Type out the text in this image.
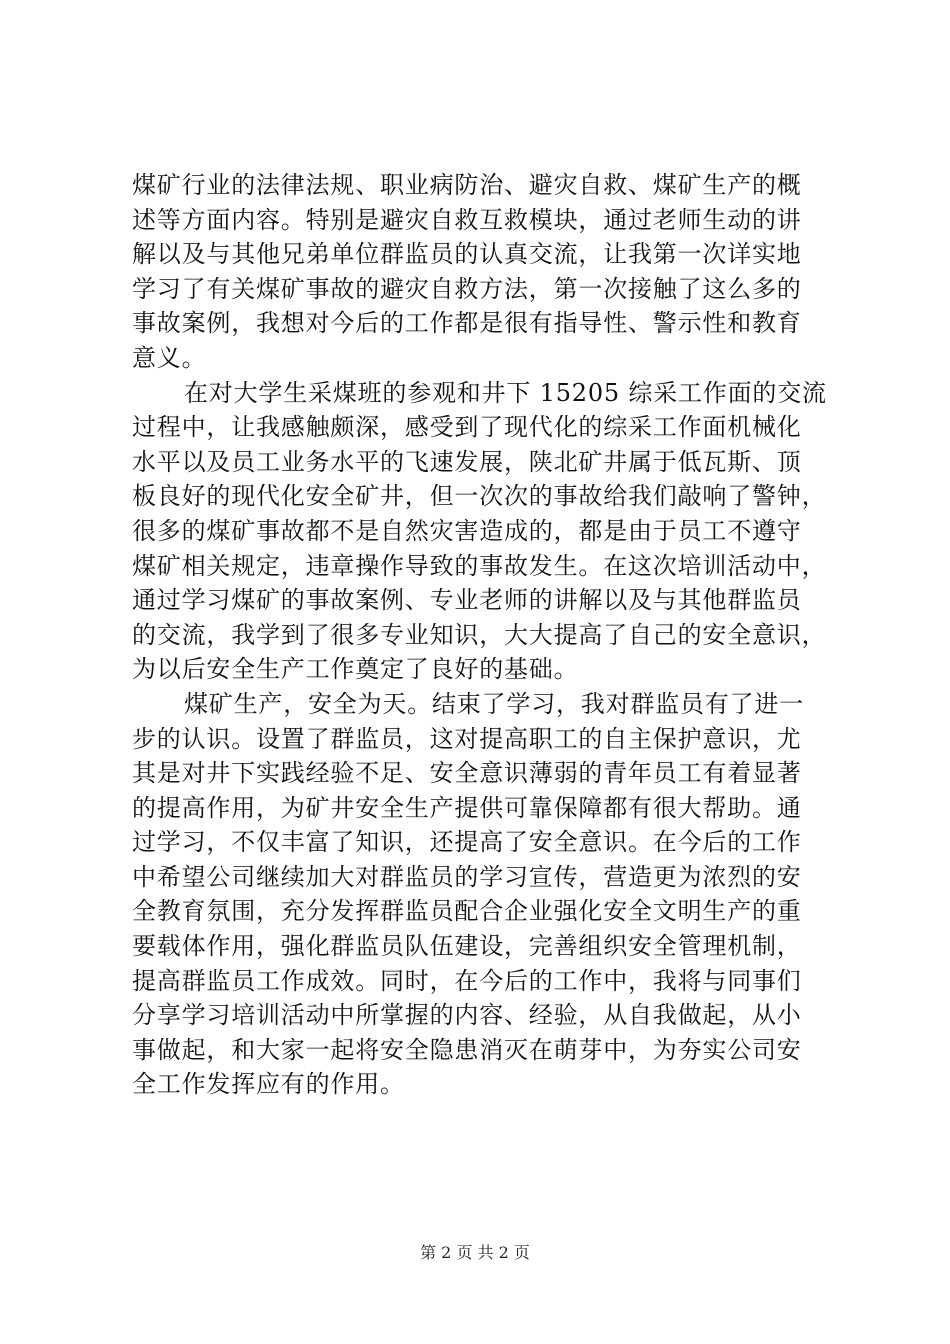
煤矿行业的法律法规、职业病防治、避灾自救、煤矿生产的概
述等方面内容。特别是避灾自救互救模块，通过老师生动的讲
解以及与其他兄弟单位群监员的认真交流，让我第一次详实地
学习了有关煤矿事故的避灾自救方法，第一次接触了这么多的
事故案例，我想对今后的工作都是很有指导性、警示性和教育
意义。
在对大学生采煤班的参观和井下 15205 综采工作面的交流
过程中，让我感触颇深，感受到了现代化的综采工作面机械化
水平以及员工业务水平的飞速发展，陕北矿井属于低瓦斯、顶
板良好的现代化安全矿井，但一次次的事故给我们敲响了警钟，
很多的煤矿事故都不是自然灾害造成的，都是由于员工不遵守
煤矿相关规定，违章操作导致的事故发生。在这次培训活动中，
通过学习煤矿的事故案例、专业老师的讲解以及与其他群监员
的交流，我学到了很多专业知识，大大提高了自己的安全意识，
为以后安全生产工作奠定了良好的基础。
煤矿生产，安全为天。结束了学习，我对群监员有了进一
步的认识。设置了群监员，这对提高职工的自主保护意识，尤
其是对井下实践经验不足、安全意识薄弱的青年员工有着显著
的提高作用，为矿井安全生产提供可靠保障都有很大帮助。通
过学习，不仅丰富了知识，还提高了安全意识。在今后的工作
中希望公司继续加大对群监员的学习宣传，营造更为浓烈的安
全教育氛围，充分发挥群监员配合企业强化安全文明生产的重
要载体作用，强化群监员队伍建设，完善组织安全管理机制，
提高群监员工作成效。同时，在今后的工作中，我将与同事们
分享学习培训活动中所掌握的内容、经验，从自我做起，从小
事做起，和大家一起将安全隐患消灭在萌芽中，为夯实公司安
全工作发挥应有的作用。
第 2 页 共 2 页
